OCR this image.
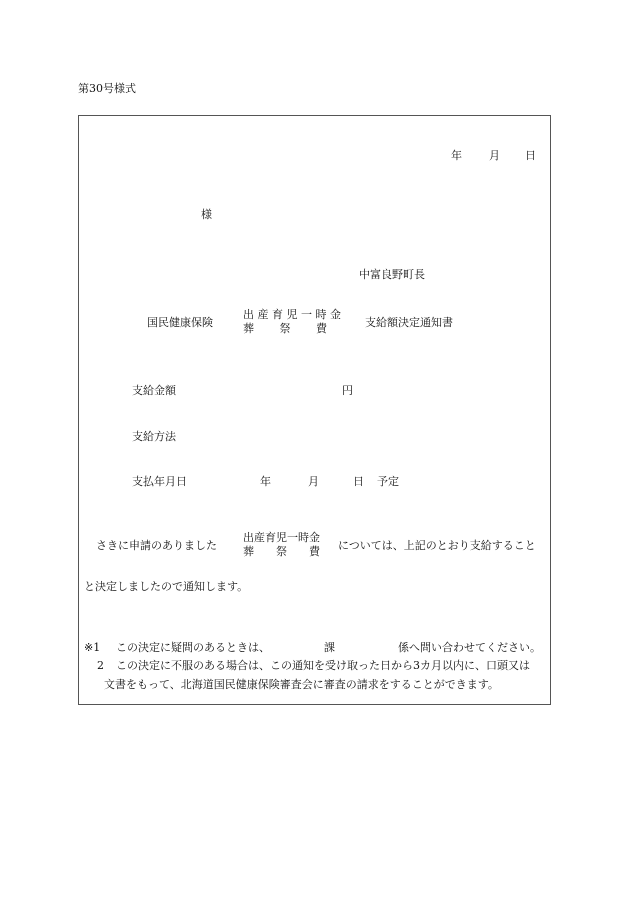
第30号様式
年 月 日
様
中富良野町長
国民健康保険
出 産 育 児 一 時 金
葬　　 祭　　 費	支給額決定通知書
支給金額	円
支給方法
支払年月日	年	月	日 予定
さきに申請のありました
出産育児一時金
葬　　祭　　費 については、上記のとおり支給すること
と決定しましたので通知します。
※1 この決定に疑問のあるときは、	課	係へ問い合わせてください。
2 この決定に不服のある場合は、この通知を受け取った日から3カ月以内に、口頭又は
文書をもって、北海道国民健康保険審査会に審査の請求をすることができます。
